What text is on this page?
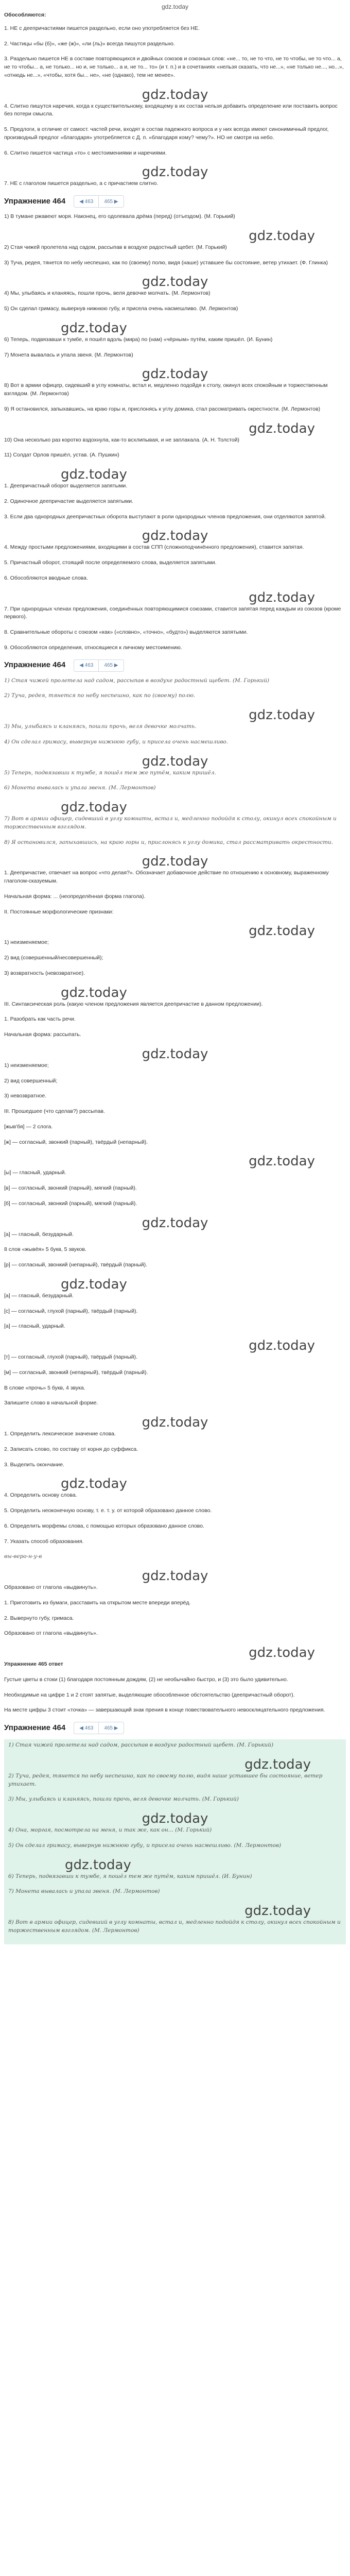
gdz.today
Обособляются:

1. НЕ с деепричастиями пишется раздельно, если оно употребляется без НЕ.

2. Частицы «бы (б)», «же (ж)», «ли (ль)» всегда пишутся раздельно.

3. Раздельно пишется НЕ в составе повторяющихся и двойных союзов и союзных слов: «не... то, не то что, не то чтобы, не то что... а, не то чтобы... а, не только... но и, не только... а и, не то... то» (и т. п.) и в сочетаниях «нельзя сказать, что не...», «не только не..., но...», «отнюдь не...», «чтобы, хотя бы... не», «не (однако), тем не менее».

gdz.today

4. Слитно пишутся наречия, когда к существительному, входящему в их состав нельзя добавить определение или поставить вопрос без потери смысла.

5. Предлоги, в отличие от самост. частей речи, входят в состав падежного вопроса и у них всегда имеют синонимичный предлог, производный предлог «благодаря» употребляется с Д. п. «благодаря кому? чему?». НО не смотря на небо.

6. Слитно пишется частица «то» с местоимениями и наречиями.

gdz.today

7. НЕ с глаголом пишется раздельно, а с причастием слитно.

Упражнение 464	◀ 463	465 ▶

1) В тумане ржавеют моря. Наконец, его одолевала дрёма (перед) (отъездом). (М. Горький)

gdz.today

2) Стая чижей пролетела над садом, рассыпав в воздухе радостный щебет. (М. Горький)

3) Туча, редея, тянется по небу неспешно, как по (своему) полю, видя (наше) уставшее бы состояние, ветер утихает. (Ф. Глинка)

gdz.today

4) Мы, улыбаясь и кланяясь, пошли прочь, веля девочке молчать. (М. Лермонтов)

5) Он сделал гримасу, вывернув нижнюю губу, и присела очень насмешливо. (М. Лермонтов)

gdz.today

6) Теперь, подвязавши к тумбе, я пошёл вдоль (мира) по (нам) «чёрным» путём, каким пришёл. (И. Бунин)

7) Монета вывалась и упала звеня. (М. Лермонтов)

gdz.today

8) Вот в армии офицер, сидевший в углу комнаты, встал и, медленно подойдя к столу, окинул всех спокойным и торжественным взглядом. (М. Лермонтов)

9) Я остановился, запыхавшись, на краю горы и, прислонясь к углу домика, стал рассматривать окрестности. (М. Лермонтов)

gdz.today

10) Она несколько раз коротко вздохнула, как-то всхлипывая, и не заплакала. (А. Н. Толстой)

11) Солдат Орлов пришёл, устав. (А. Пушкин)

gdz.today

1. Деепричастный оборот выделяется запятыми.

2. Одиночное деепричастие выделяется запятыми.

3. Если два однородных деепричастных оборота выступают в роли однородных членов предложения, они отделяются запятой.

gdz.today

4. Между простыми предложениями, входящими в состав СПП (сложноподчинённого предложения), ставится запятая.

5. Причастный оборот, стоящий после определяемого слова, выделяется запятыми.

6. Обособляются вводные слова.

gdz.today

7. При однородных членах предложения, соединённых повторяющимися союзами, ставится запятая перед каждым из союзов (кроме первого).

8. Сравнительные обороты с союзом «как» («словно», «точно», «будто») выделяются запятыми.

9. Обособляются определения, относящиеся к личному местоимению.

Упражнение 464	◀ 463	465 ▶

1) Стая чижей пролетела над садом, рассыпав в воздухе радостный щебет. (М. Горький)

2) Туча, редея, тянется по небу неспешно, как по (своему) полю.

gdz.today

3) Мы, улыбаясь и кланяясь, пошли прочь, веля девочке молчать.

4) Он сделал гримасу, вывернув нижнюю губу, и присела очень насмешливо.

gdz.today

5) Теперь, подвязавши к тумбе, я пошёл тем же путём, каким пришёл.

6) Монета вывалась и упала звеня. (М. Лермонтов)

gdz.today

7) Вот в армии офицер, сидевший в углу комнаты, встал и, медленно подойдя к столу, окинул всех спокойным и торжественным взглядом.

8) Я остановился, запыхавшись, на краю горы и, прислонясь к углу домика, стал рассматривать окрестности.

gdz.today

1. Деепричастие, отвечает на вопрос «что делая?». Обозначает добавочное действие по отношению к основному, выраженному глаголом-сказуемым.

Начальная форма: ... (неопределённая форма глагола).

II. Постоянные морфологические признаки:

gdz.today

1) неизменяемое;

2) вид (совершенный/несовершенный);

3) возвратность (невозвратное).

gdz.today

III. Синтаксическая роль (какую членом предложения является деепричастие в данном предложении).

1. Разобрать как часть речи.

Начальная форма: рассыпать.

gdz.today

1) неизменяемое;

2) вид совершенный;

3) невозвратное.

III. Прошедшее (что сделав?) рассыпав.

[жыв'бя] — 2 слога.

[ж] — согласный, звонкий (парный), твёрдый (непарный).

gdz.today

[ы] — гласный, ударный.

[в] — согласный, звонкий (парный), мягкий (парный).

[б] — согласный, звонкий (парный), мягкий (парный).

gdz.today

[а] — гласный, безударный.

8 слов «жывёя» 5 букв, 5 звуков.

[р] — согласный, звонкий (непарный), твёрдый (парный).

gdz.today

[а] — гласный, безударный.

[с] — согласный, глухой (парный), твёрдый (парный).

[а] — гласный, ударный.

gdz.today

[т] — согласный, глухой (парный), твёрдый (парный).

[м] — согласный, звонкий (непарный), твёрдый (парный).

В слове «прочь» 5 букв, 4 звука.

Запишите слово в начальной форме.

gdz.today

1. Определить лексическое значение слова.

2. Записать слово, по составу от корня до суффикса.

3. Выделить окончание.

gdz.today

4. Определить основу слова.

5. Определить неоконечную основу, т. е. т. у. от которой образовано данное слово.

6. Определить морфемы слова, с помощью которых образовано данное слово.

7. Указать способ образования.

вы-веро-н-у-в

gdz.today

Образовано от глагола «выдвинуть».

1. Приготовить из бумаги, расставить на открытом месте впереди вперёд.

2. Вывернуто губу, гримаса.

Образовано от глагола «выдвинуть».

gdz.today

Упражнение 465 ответ

Густые цветы в стоки (1) благодаря постоянным дождям, (2) не необычайно быстро, и (3) это было удивительно.

Необходимые на цифре 1 и 2 стоят запятые, выделяющие обособленное обстоятельство (деепричастный оборот).

На месте цифры 3 стоит «точка» — завершающий знак прения в конце повествовательного невосклицательного предложения.

Упражнение 464	◀ 463	465 ▶

1) Стая чижей пролетела над садом, рассыпав в воздухе радостный щебет. (М. Горький)

gdz.today

2) Туча, редея, тянется по небу неспешно, как по своему полю, видя наше уставшее бы состояние, ветер утихает.

3) Мы, улыбаясь и кланяясь, пошли прочь, веля девочке молчать. (М. Горький)

gdz.today

4) Она, моргая, посмотрела на меня, и так же, как он... (М. Горький)

5) Он сделал гримасу, вывернув нижнюю губу, и присела очень насмешливо. (М. Лермонтов)

gdz.today

6) Теперь, подвязавши к тумбе, я пошёл тем же путём, каким пришёл. (И. Бунин)

7) Монета вывалась и упала звеня. (М. Лермонтов)

gdz.today

8) Вот в армии офицер, сидевший в углу комнаты, встал и, медленно подойдя к столу, окинул всех спокойным и торжественным взглядом. (М. Лермонтов)
